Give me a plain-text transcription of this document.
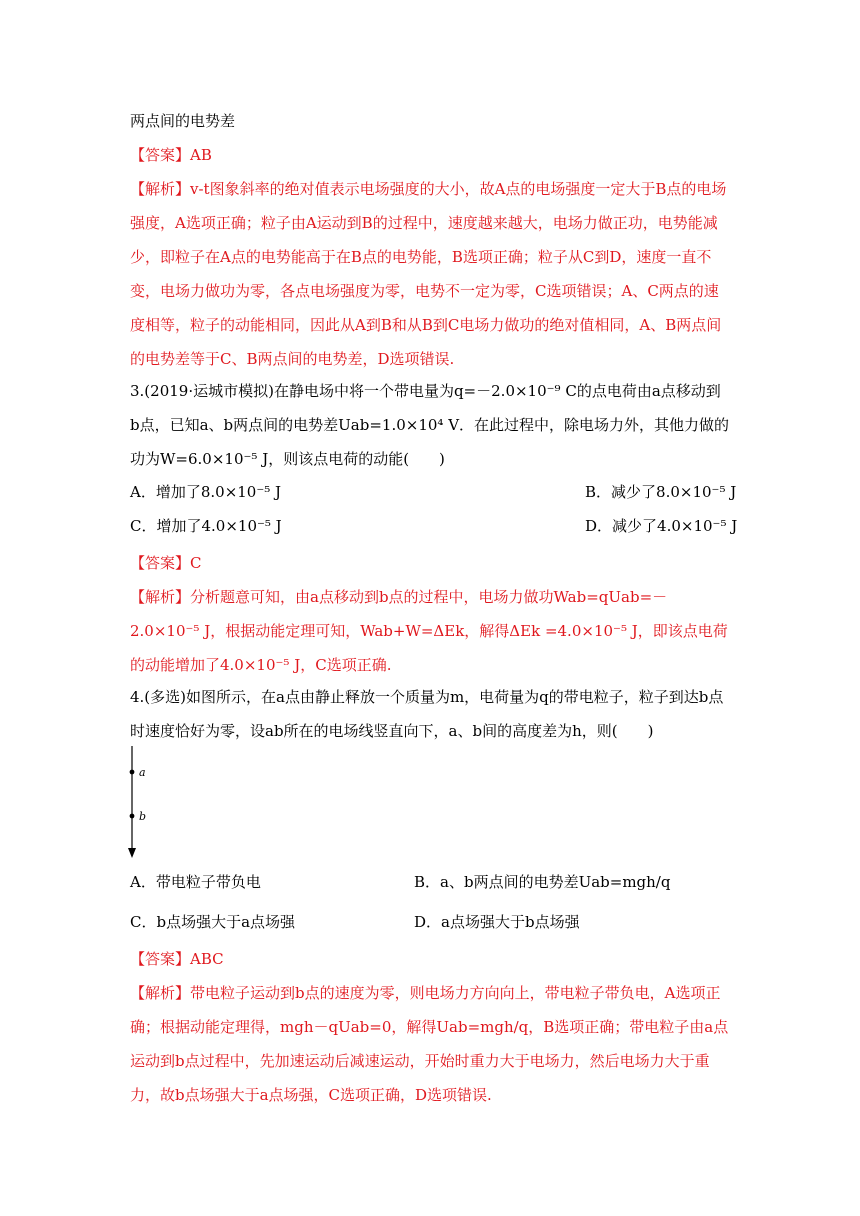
两点间的电势差

【答案】AB

【解析】v-t图象斜率的绝对值表示电场强度的大小，故A点的电场强度一定大于B点的电场强度，A选项正确；粒子由A运动到B的过程中，速度越来越大，电场力做正功，电势能减少，即粒子在A点的电势能高于在B点的电势能，B选项正确；粒子从C到D，速度一直不变，电场力做功为零，各点电场强度为零，电势不一定为零，C选项错误；A、C两点的速度相等，粒子的动能相同，因此从A到B和从B到C电场力做功的绝对值相同，A、B两点间的电势差等于C、B两点间的电势差，D选项错误.

3.(2019·运城市模拟)在静电场中将一个带电量为q=－2.0×10⁻⁹ C的点电荷由a点移动到b点，已知a、b两点间的电势差Uab=1.0×10⁴ V．在此过程中，除电场力外，其他力做的功为W=6.0×10⁻⁵ J，则该点电荷的动能(　　)

A．增加了8.0×10⁻⁵ J	B．减少了8.0×10⁻⁵ J
C．增加了4.0×10⁻⁵ J	D．减少了4.0×10⁻⁵ J

【答案】C

【解析】分析题意可知，由a点移动到b点的过程中，电场力做功Wab=qUab=－2.0×10⁻⁵ J，根据动能定理可知，Wab+W=ΔEk，解得ΔEk =4.0×10⁻⁵ J，即该点电荷的动能增加了4.0×10⁻⁵ J，C选项正确.

4.(多选)如图所示，在a点由静止释放一个质量为m，电荷量为q的带电粒子，粒子到达b点时速度恰好为零，设ab所在的电场线竖直向下，a、b间的高度差为h，则(　　)

a
b
A．带电粒子带负电	B．a、b两点间的电势差Uab=mgh/q
C．b点场强大于a点场强	D．a点场强大于b点场强

【答案】ABC

【解析】带电粒子运动到b点的速度为零，则电场力方向向上，带电粒子带负电，A选项正确；根据动能定理得，mgh－qUab=0，解得Uab=mgh/q，B选项正确；带电粒子由a点运动到b点过程中，先加速运动后减速运动，开始时重力大于电场力，然后电场力大于重力，故b点场强大于a点场强，C选项正确，D选项错误.
